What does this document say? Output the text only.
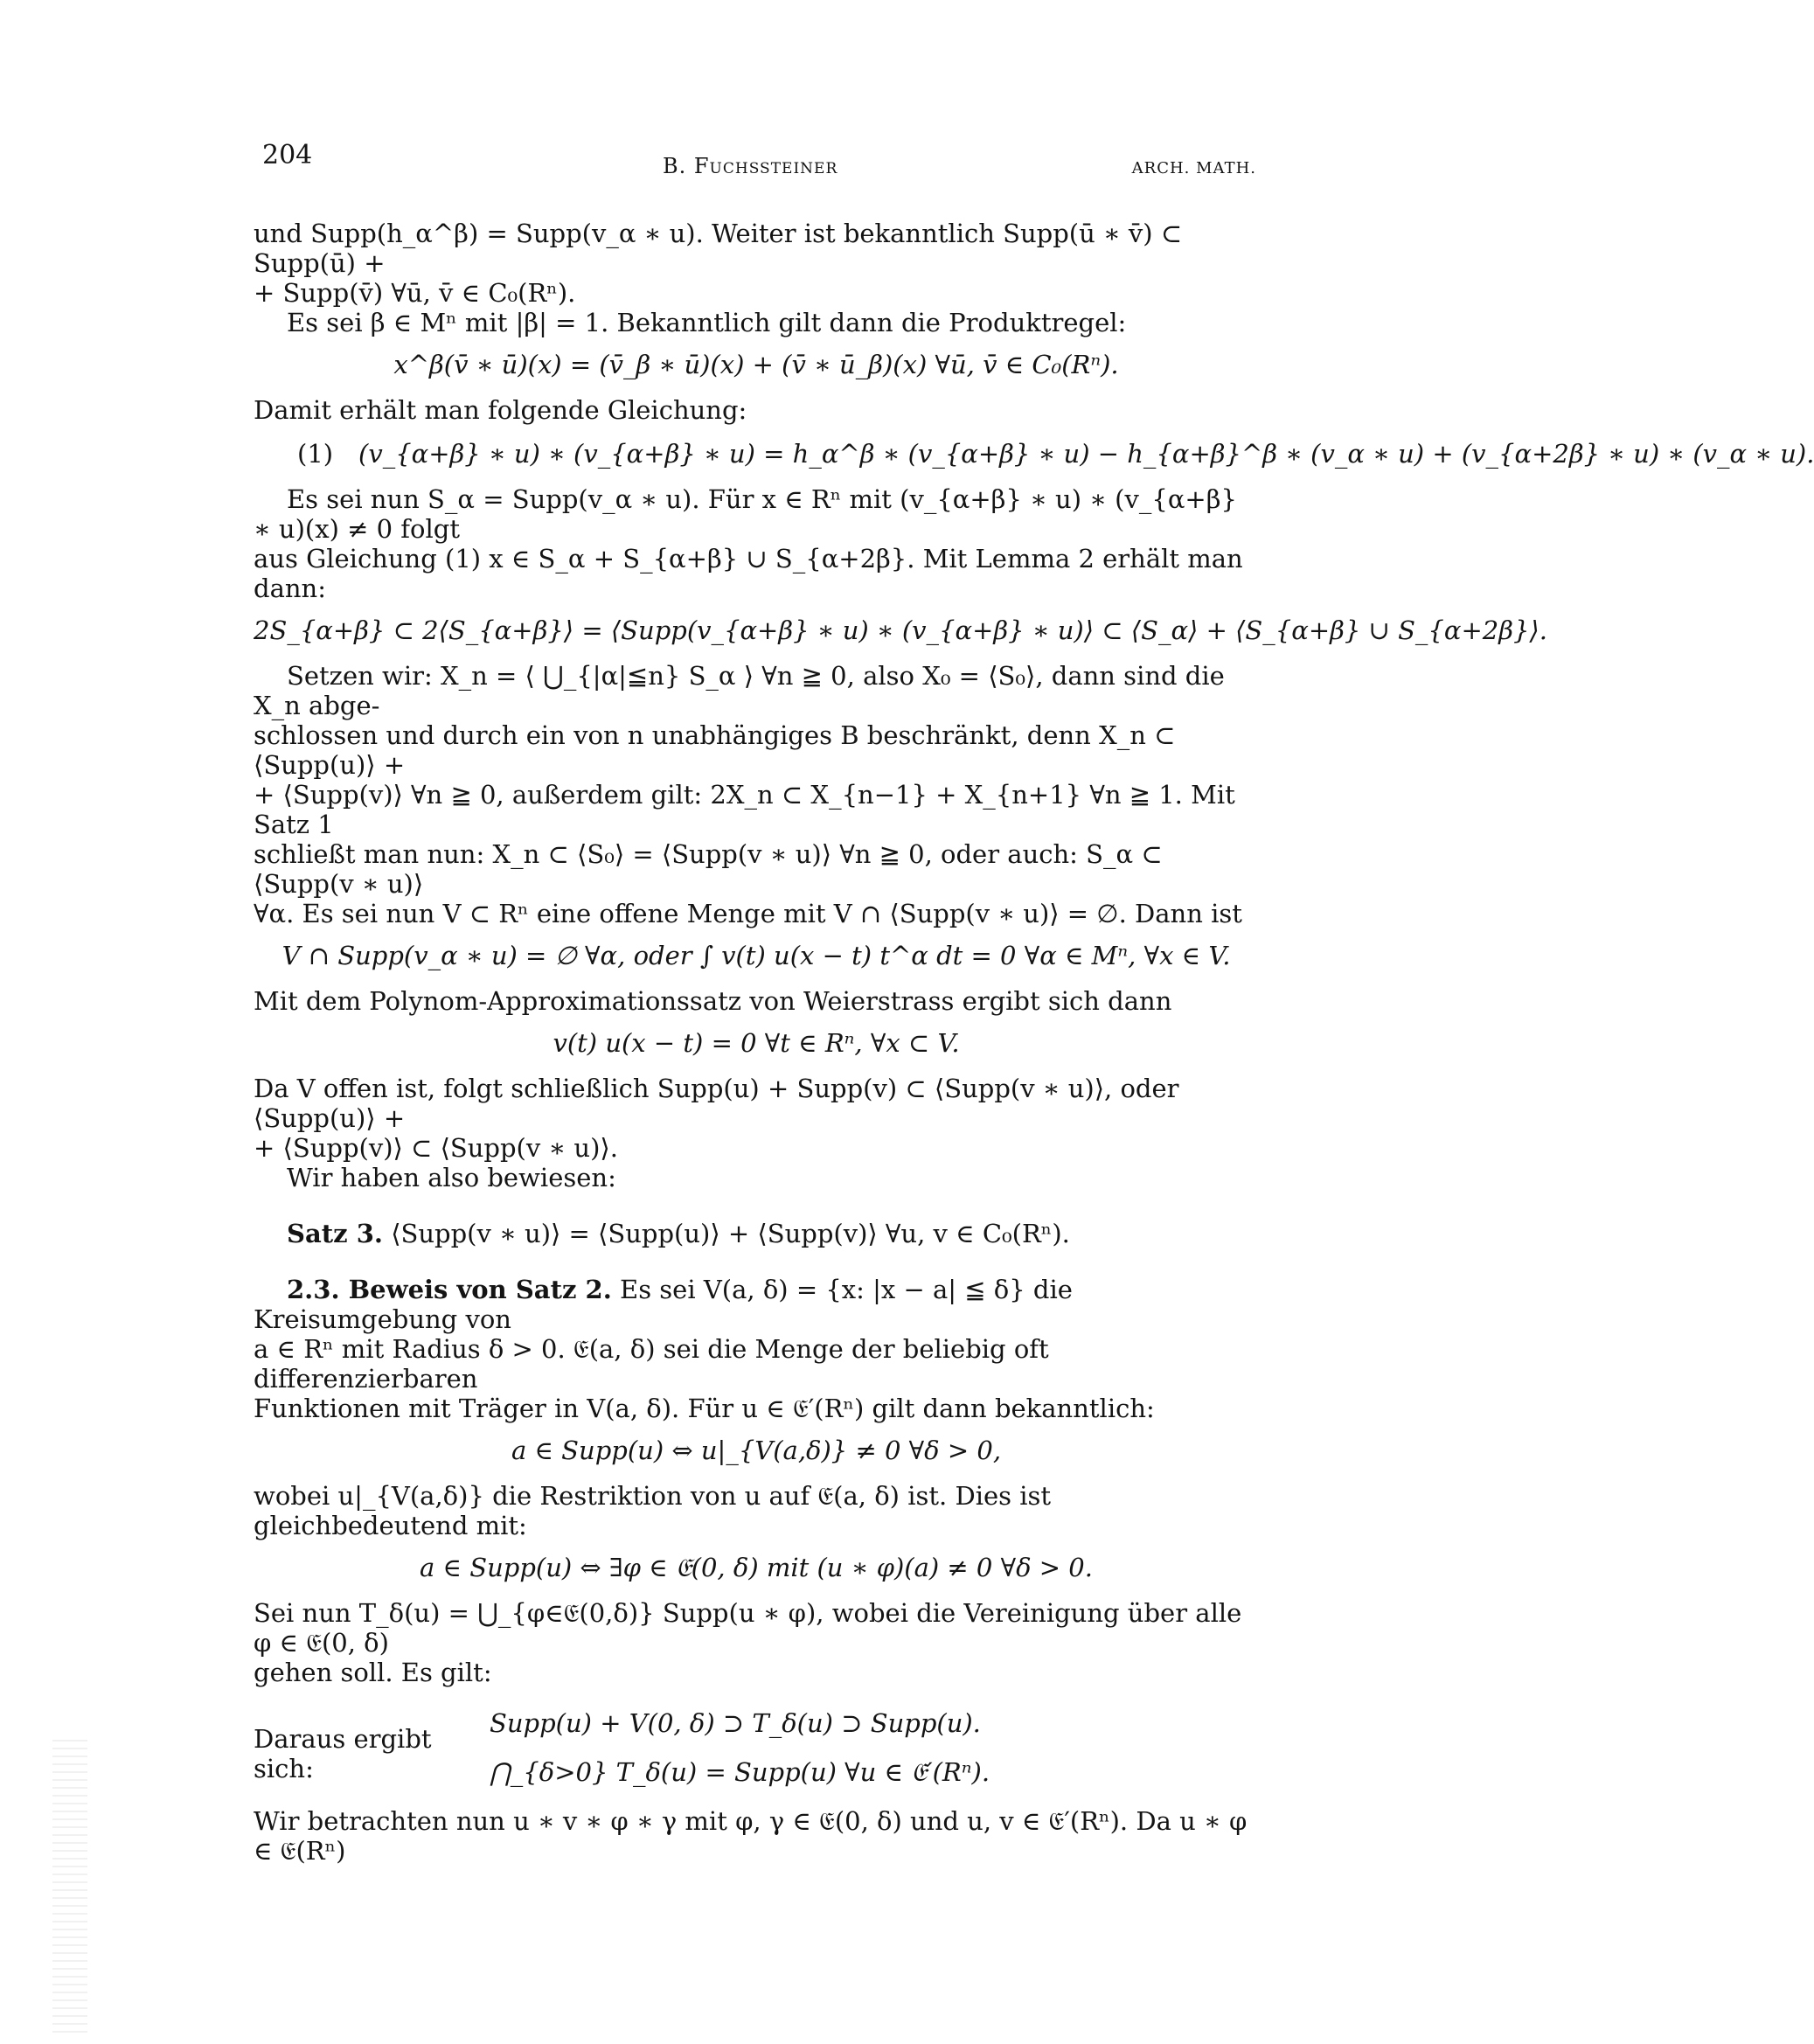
204	B. Fuchssteiner	ARCH. MATH.

und Supp(h_α^β) = Supp(v_α ∗ u). Weiter ist bekanntlich Supp(ū ∗ v̄) ⊂ Supp(ū) +

+ Supp(v̄) ∀ū, v̄ ∈ C₀(Rⁿ).

Es sei β ∈ Mⁿ mit |β| = 1. Bekanntlich gilt dann die Produktregel:

x^β(v̄ ∗ ū)(x) = (v̄_β ∗ ū)(x) + (v̄ ∗ ū_β)(x) ∀ū, v̄ ∈ C₀(Rⁿ).

Damit erhält man folgende Gleichung:

(1) (v_{α+β} ∗ u) ∗ (v_{α+β} ∗ u) = h_α^β ∗ (v_{α+β} ∗ u) − h_{α+β}^β ∗ (v_α ∗ u) + (v_{α+2β} ∗ u) ∗ (v_α ∗ u).

Es sei nun S_α = Supp(v_α ∗ u). Für x ∈ Rⁿ mit (v_{α+β} ∗ u) ∗ (v_{α+β} ∗ u)(x) ≠ 0 folgt

aus Gleichung (1) x ∈ S_α + S_{α+β} ∪ S_{α+2β}. Mit Lemma 2 erhält man dann:

2S_{α+β} ⊂ 2⟨S_{α+β}⟩ = ⟨Supp(v_{α+β} ∗ u) ∗ (v_{α+β} ∗ u)⟩ ⊂ ⟨S_α⟩ + ⟨S_{α+β} ∪ S_{α+2β}⟩.

Setzen wir: X_n = ⟨ ⋃_{|α|≦n} S_α ⟩ ∀n ≧ 0, also X₀ = ⟨S₀⟩, dann sind die X_n abge-

schlossen und durch ein von n unabhängiges B beschränkt, denn X_n ⊂ ⟨Supp(u)⟩ +

+ ⟨Supp(v)⟩ ∀n ≧ 0, außerdem gilt: 2X_n ⊂ X_{n−1} + X_{n+1} ∀n ≧ 1. Mit Satz 1

schließt man nun: X_n ⊂ ⟨S₀⟩ = ⟨Supp(v ∗ u)⟩ ∀n ≧ 0, oder auch: S_α ⊂ ⟨Supp(v ∗ u)⟩

∀α. Es sei nun V ⊂ Rⁿ eine offene Menge mit V ∩ ⟨Supp(v ∗ u)⟩ = ∅. Dann ist

V ∩ Supp(v_α ∗ u) = ∅ ∀α, oder ∫ v(t) u(x − t) t^α dt = 0 ∀α ∈ Mⁿ, ∀x ∈ V.

Mit dem Polynom-Approximationssatz von Weierstrass ergibt sich dann

v(t) u(x − t) = 0 ∀t ∈ Rⁿ, ∀x ⊂ V.

Da V offen ist, folgt schließlich Supp(u) + Supp(v) ⊂ ⟨Supp(v ∗ u)⟩, oder ⟨Supp(u)⟩ +

+ ⟨Supp(v)⟩ ⊂ ⟨Supp(v ∗ u)⟩.

Wir haben also bewiesen:

Satz 3. ⟨Supp(v ∗ u)⟩ = ⟨Supp(u)⟩ + ⟨Supp(v)⟩ ∀u, v ∈ C₀(Rⁿ).

2.3. Beweis von Satz 2. Es sei V(a, δ) = {x: |x − a| ≦ δ} die Kreisumgebung von

a ∈ Rⁿ mit Radius δ > 0. 𝔈(a, δ) sei die Menge der beliebig oft differenzierbaren

Funktionen mit Träger in V(a, δ). Für u ∈ 𝔈′(Rⁿ) gilt dann bekanntlich:

a ∈ Supp(u) ⇔ u|_{V(a,δ)} ≠ 0 ∀δ > 0,

wobei u|_{V(a,δ)} die Restriktion von u auf 𝔈(a, δ) ist. Dies ist gleichbedeutend mit:

a ∈ Supp(u) ⇔ ∃φ ∈ 𝔈(0, δ) mit (u ∗ φ)(a) ≠ 0 ∀δ > 0.

Sei nun T_δ(u) = ⋃_{φ∈𝔈(0,δ)} Supp(u ∗ φ), wobei die Vereinigung über alle φ ∈ 𝔈(0, δ)

gehen soll. Es gilt:

Daraus ergibt sich:
Supp(u) + V(0, δ) ⊃ T_δ(u) ⊃ Supp(u).
⋂_{δ>0} T_δ(u) = Supp(u) ∀u ∈ 𝔈′(Rⁿ).

Wir betrachten nun u ∗ v ∗ φ ∗ γ mit φ, γ ∈ 𝔈(0, δ) und u, v ∈ 𝔈′(Rⁿ). Da u ∗ φ ∈ 𝔈(Rⁿ)
